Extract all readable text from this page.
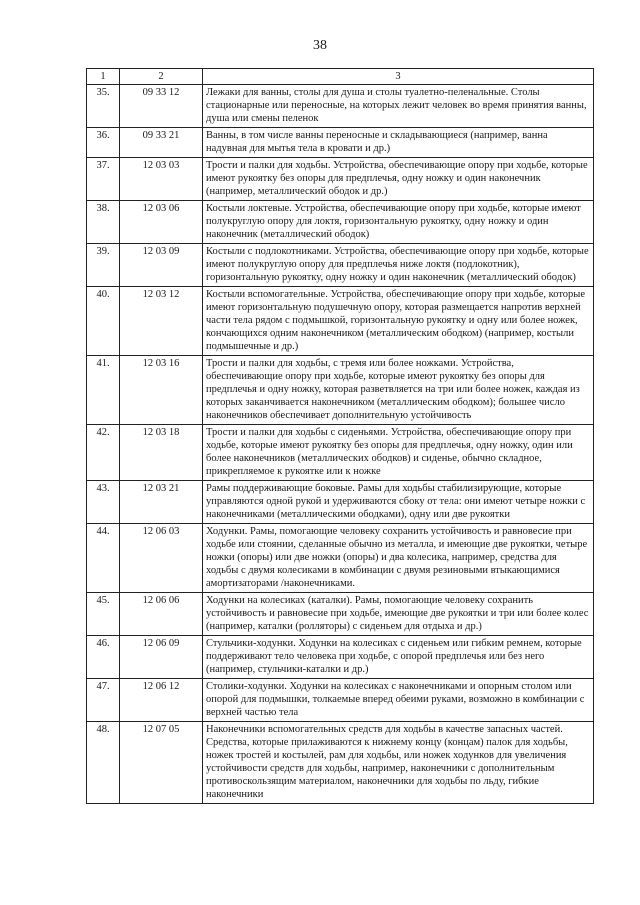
38
1	2	3
35.	09 33 12	Лежаки для ванны, столы для душа и столы туалетно-пеленальные. Столы стационарные или переносные, на которых лежит человек во время принятия ванны, душа или смены пеленок
36.	09 33 21	Ванны, в том числе ванны переносные и складывающиеся (например, ванна надувная для мытья тела в кровати и др.)
37.	12 03 03	Трости и палки для ходьбы. Устройства, обеспечивающие опору при ходьбе, которые имеют рукоятку без опоры для предплечья, одну ножку и один наконечник (например, металлический ободок и др.)
38.	12 03 06	Костыли локтевые. Устройства, обеспечивающие опору при ходьбе, которые имеют полукруглую опору для локтя, горизонтальную рукоятку, одну ножку и один наконечник (металлический ободок)
39.	12 03 09	Костыли с подлокотниками. Устройства, обеспечивающие опору при ходьбе, которые имеют полукруглую опору для предплечья ниже локтя (подлокотник), горизонтальную рукоятку, одну ножку и один наконечник (металлический ободок)
40.	12 03 12	Костыли вспомогательные. Устройства, обеспечивающие опору при ходьбе, которые имеют горизонтальную подушечную опору, которая размещается напротив верхней части тела рядом с подмышкой, горизонтальную рукоятку и одну или более ножек, кончающихся одним наконечником (металлическим ободком) (например, костыли подмышечные и др.)
41.	12 03 16	Трости и палки для ходьбы, с тремя или более ножками. Устройства, обеспечивающие опору при ходьбе, которые имеют рукоятку без опоры для предплечья и одну ножку, которая разветвляется на три или более ножек, каждая из которых заканчивается наконечником (металлическим ободком); большее число наконечников обеспечивает дополнительную устойчивость
42.	12 03 18	Трости и палки для ходьбы с сиденьями. Устройства, обеспечивающие опору при ходьбе, которые имеют рукоятку без опоры для предплечья, одну ножку, один или более наконечников (металлических ободков) и сиденье, обычно складное, прикрепляемое к рукоятке или к ножке
43.	12 03 21	Рамы поддерживающие боковые. Рамы для ходьбы стабилизирующие, которые управляются одной рукой и удерживаются сбоку от тела: они имеют четыре ножки с наконечниками (металлическими ободками), одну или две рукоятки
44.	12 06 03	Ходунки. Рамы, помогающие человеку сохранить устойчивость и равновесие при ходьбе или стоянии, сделанные обычно из металла, и имеющие две рукоятки, четыре ножки (опоры) или две ножки (опоры) и два колесика, например, средства для ходьбы с двумя колесиками в комбинации с двумя резиновыми втыкающимися амортизаторами /наконечниками.
45.	12 06 06	Ходунки на колесиках (каталки). Рамы, помогающие человеку сохранить устойчивость и равновесие при ходьбе, имеющие две рукоятки и три или более колес (например, каталки (ролляторы) с сиденьем для отдыха и др.)
46.	12 06 09	Стульчики-ходунки. Ходунки на колесиках с сиденьем или гибким ремнем, которые поддерживают тело человека при ходьбе, с опорой предплечья или без него (например, стульчики-каталки и др.)
47.	12 06 12	Столики-ходунки. Ходунки на колесиках с наконечниками и опорным столом или опорой для подмышки, толкаемые вперед обеими руками, возможно в комбинации с верхней частью тела
48.	12 07 05	Наконечники вспомогательных средств для ходьбы в качестве запасных частей. Средства, которые прилаживаются к нижнему концу (концам) палок для ходьбы, ножек тростей и костылей, рам для ходьбы, или ножек ходунков для увеличения устойчивости средств для ходьбы, например, наконечники с дополнительным противоскользящим материалом, наконечники для ходьбы по льду, гибкие наконечники
